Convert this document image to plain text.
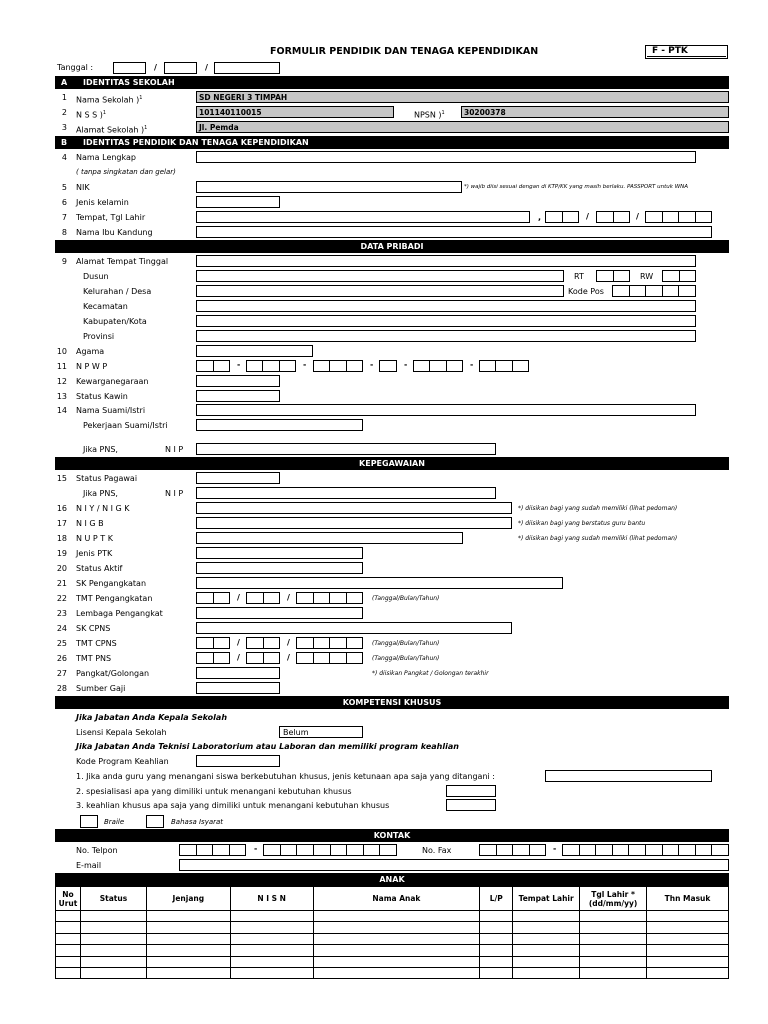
FORMULIR PENDIDIK DAN TENAGA KEPENDIDIKAN	F - PTK
Tanggal :	/	/
A IDENTITAS SEKOLAH
1 Nama Sekolah )$^1$	SD NEGERI 3 TIMPAH
2 N S S )$^1$	101140110015	NPSN )$^1$	30200378
3 Alamat Sekolah )$^1$	Jl. Pemda
B IDENTITAS PENDIDIK DAN TENAGA KEPENDIDIKAN
4 Nama Lengkap
( tanpa singkatan dan gelar)
5 NIK	*) wajib diisi sesuai dengan di KTP/KK yang masih berlaku. PASSPORT untuk WNA
6 Jenis kelamin
7 Tempat, Tgl Lahir	,	/	/
8 Nama Ibu Kandung
DATA PRIBADI
9 Alamat Tempat Tinggal
Dusun	RT	RW
Kelurahan / Desa	Kode Pos
Kecamatan
Kabupaten/Kota
Provinsi
10 Agama
11 N P W P	-	-	-	-	-
12 Kewarganegaraan
13 Status Kawin
14 Nama Suami/Istri
Pekerjaan Suami/Istri
Jika PNS,	N I P
KEPEGAWAIAN
15 Status Pagawai
Jika PNS,	N I P
16 N I Y / N I G K	*) diisikan bagi yang sudah memiliki (lihat pedoman)
17 N I G B	*) diisikan bagi yang berstatus guru bantu
18 N U P T K	*) diisikan bagi yang sudah memiliki (lihat pedoman)
19 Jenis PTK
20 Status Aktif
21 SK Pengangkatan
22 TMT Pengangkatan	/	/	(Tanggal/Bulan/Tahun)
23 Lembaga Pengangkat
24 SK CPNS
25 TMT CPNS	/	/	(Tanggal/Bulan/Tahun)
26 TMT PNS	/	/	(Tanggal/Bulan/Tahun)
27 Pangkat/Golongan	*) diisikan Pangkat / Golongan terakhir
28 Sumber Gaji
KOMPETENSI KHUSUS
Jika Jabatan Anda Kepala Sekolah
Lisensi Kepala Sekolah	Belum
Jika Jabatan Anda Teknisi Laboratorium atau Laboran dan memiliki program keahlian
Kode Program Keahlian
1. Jika anda guru yang menangani siswa berkebutuhan khusus, jenis ketunaan apa saja yang ditangani :
2. spesialisasi apa yang dimiliki untuk menangani kebutuhan khusus
3. keahlian khusus apa saja yang dimiliki untuk menangani kebutuhan khusus
Braile	Bahasa Isyarat
KONTAK
No. Telpon	-	No. Fax	-
E-mail
ANAK
No Urut	Status	Jenjang	N I S N	Nama Anak	L/P	Tempat Lahir	Tgl Lahir *(dd/mm/yy)	Thn Masuk
